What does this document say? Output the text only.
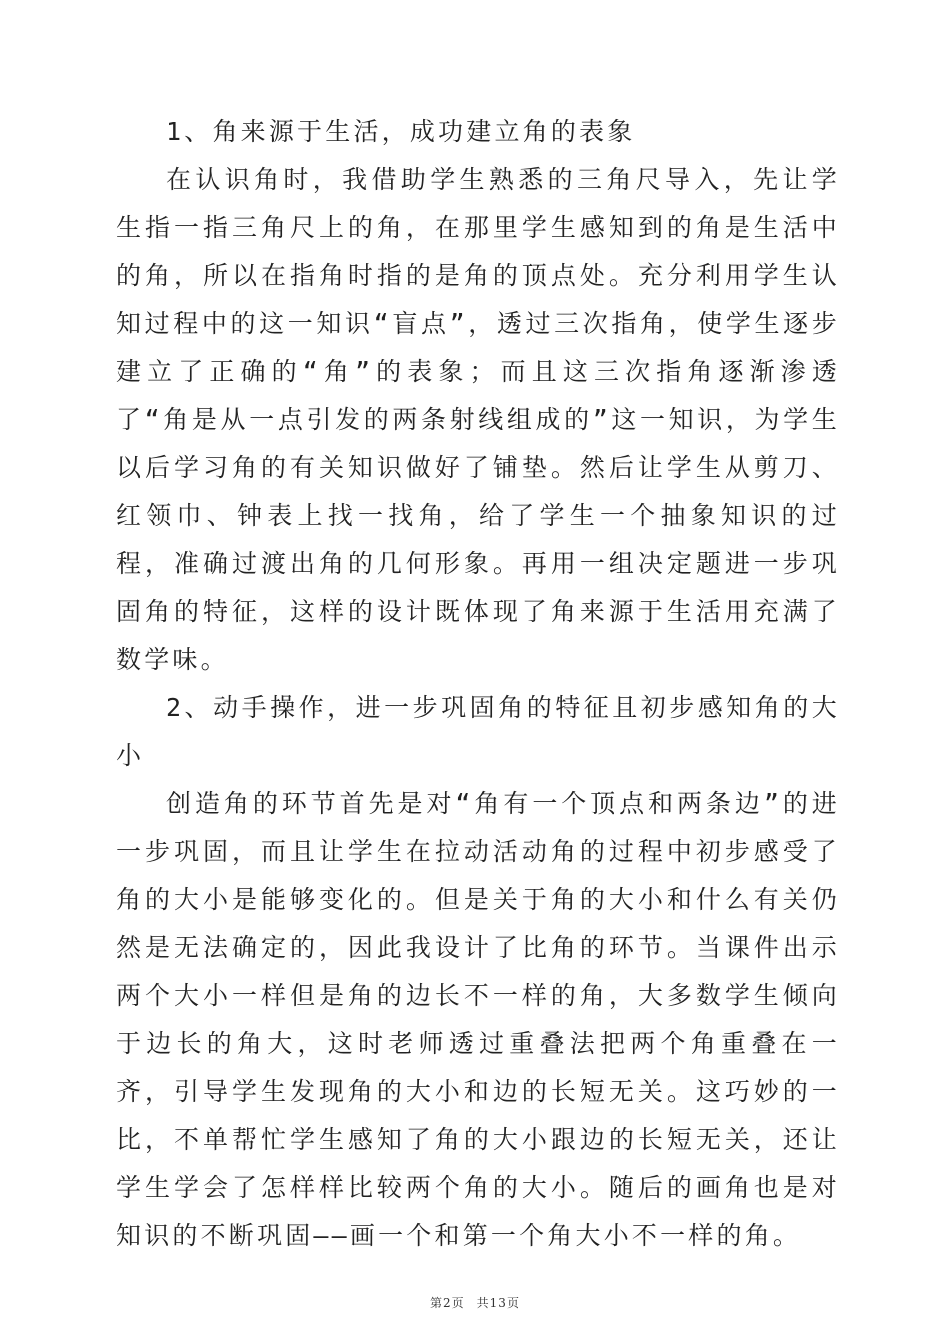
1、角来源于生活，成功建立角的表象

在认识角时，我借助学生熟悉的三角尺导入，先让学生指一指三角尺上的角，在那里学生感知到的角是生活中的角，所以在指角时指的是角的顶点处。充分利用学生认知过程中的这一知识“盲点”，透过三次指角，使学生逐步建立了正确的“角”的表象；而且这三次指角逐渐渗透了“角是从一点引发的两条射线组成的”这一知识，为学生以后学习角的有关知识做好了铺垫。然后让学生从剪刀、红领巾、钟表上找一找角，给了学生一个抽象知识的过程，准确过渡出角的几何形象。再用一组决定题进一步巩固角的特征，这样的设计既体现了角来源于生活用充满了数学味。

2、动手操作，进一步巩固角的特征且初步感知角的大小

创造角的环节首先是对“角有一个顶点和两条边”的进一步巩固，而且让学生在拉动活动角的过程中初步感受了角的大小是能够变化的。但是关于角的大小和什么有关仍然是无法确定的，因此我设计了比角的环节。当课件出示两个大小一样但是角的边长不一样的角，大多数学生倾向于边长的角大，这时老师透过重叠法把两个角重叠在一齐，引导学生发现角的大小和边的长短无关。这巧妙的一比，不单帮忙学生感知了角的大小跟边的长短无关，还让学生学会了怎样样比较两个角的大小。随后的画角也是对知识的不断巩固——画一个和第一个角大小不一样的角。

第2页 共13页
